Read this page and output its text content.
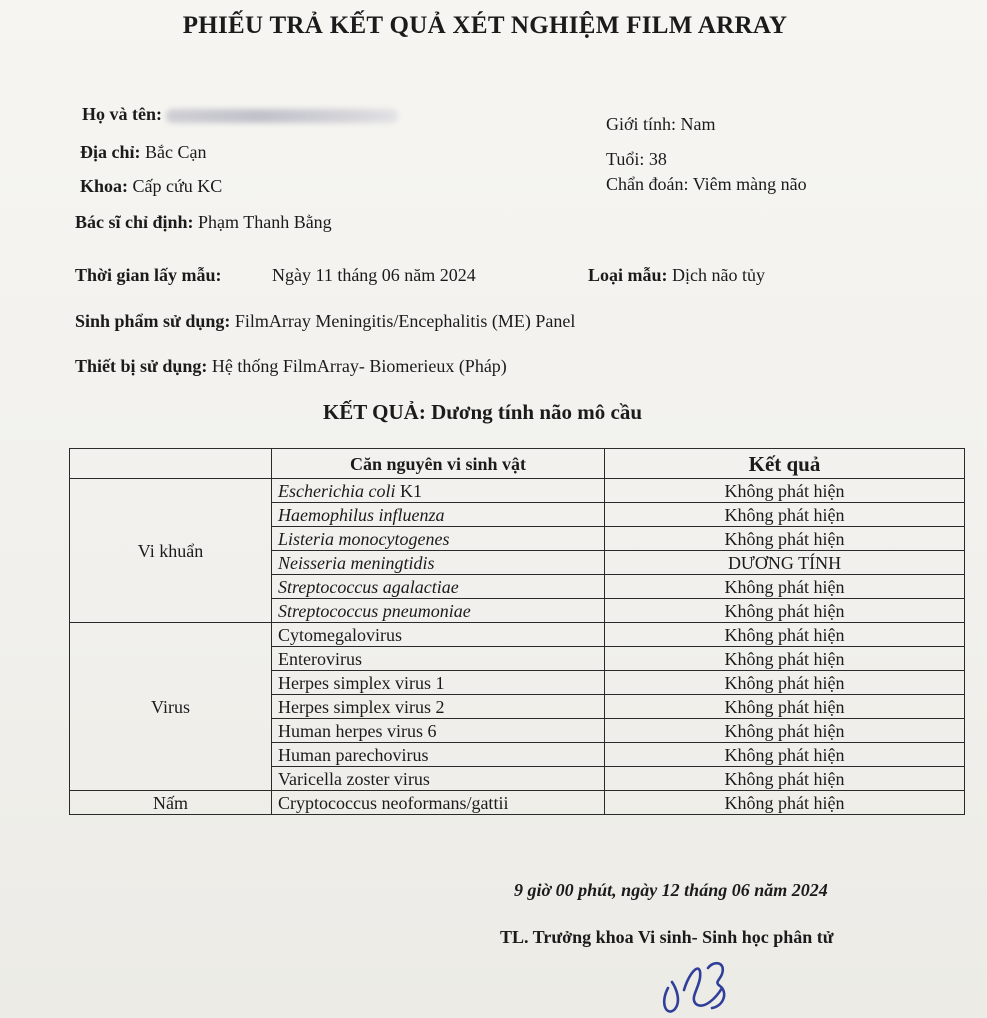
PHIẾU TRẢ KẾT QUẢ XÉT NGHIỆM FILM ARRAY
Họ và tên:	Giới tính: Nam
Địa chỉ: Bắc Cạn	Tuổi: 38
Khoa: Cấp cứu KC	Chẩn đoán: Viêm màng não
Bác sĩ chỉ định: Phạm Thanh Bằng
Thời gian lấy mẫu:	Ngày 11 tháng 06 năm 2024	Loại mẫu: Dịch não tủy
Sinh phẩm sử dụng: FilmArray Meningitis/Encephalitis (ME) Panel
Thiết bị sử dụng: Hệ thống FilmArray- Biomerieux (Pháp)
KẾT QUẢ: Dương tính não mô cầu
	Căn nguyên vi sinh vật	Kết quả
Vi khuẩn	Escherichia coli K1	Không phát hiện
	Haemophilus influenza	Không phát hiện
	Listeria monocytogenes	Không phát hiện
	Neisseria meningtidis	DƯƠNG TÍNH
	Streptococcus agalactiae	Không phát hiện
	Streptococcus pneumoniae	Không phát hiện
Virus	Cytomegalovirus	Không phát hiện
	Enterovirus	Không phát hiện
	Herpes simplex virus 1	Không phát hiện
	Herpes simplex virus 2	Không phát hiện
	Human herpes virus 6	Không phát hiện
	Human parechovirus	Không phát hiện
	Varicella zoster virus	Không phát hiện
Nấm	Cryptococcus neoformans/gattii	Không phát hiện
9 giờ 00 phút, ngày 12 tháng 06 năm 2024
TL. Trưởng khoa Vi sinh- Sinh học phân tử
